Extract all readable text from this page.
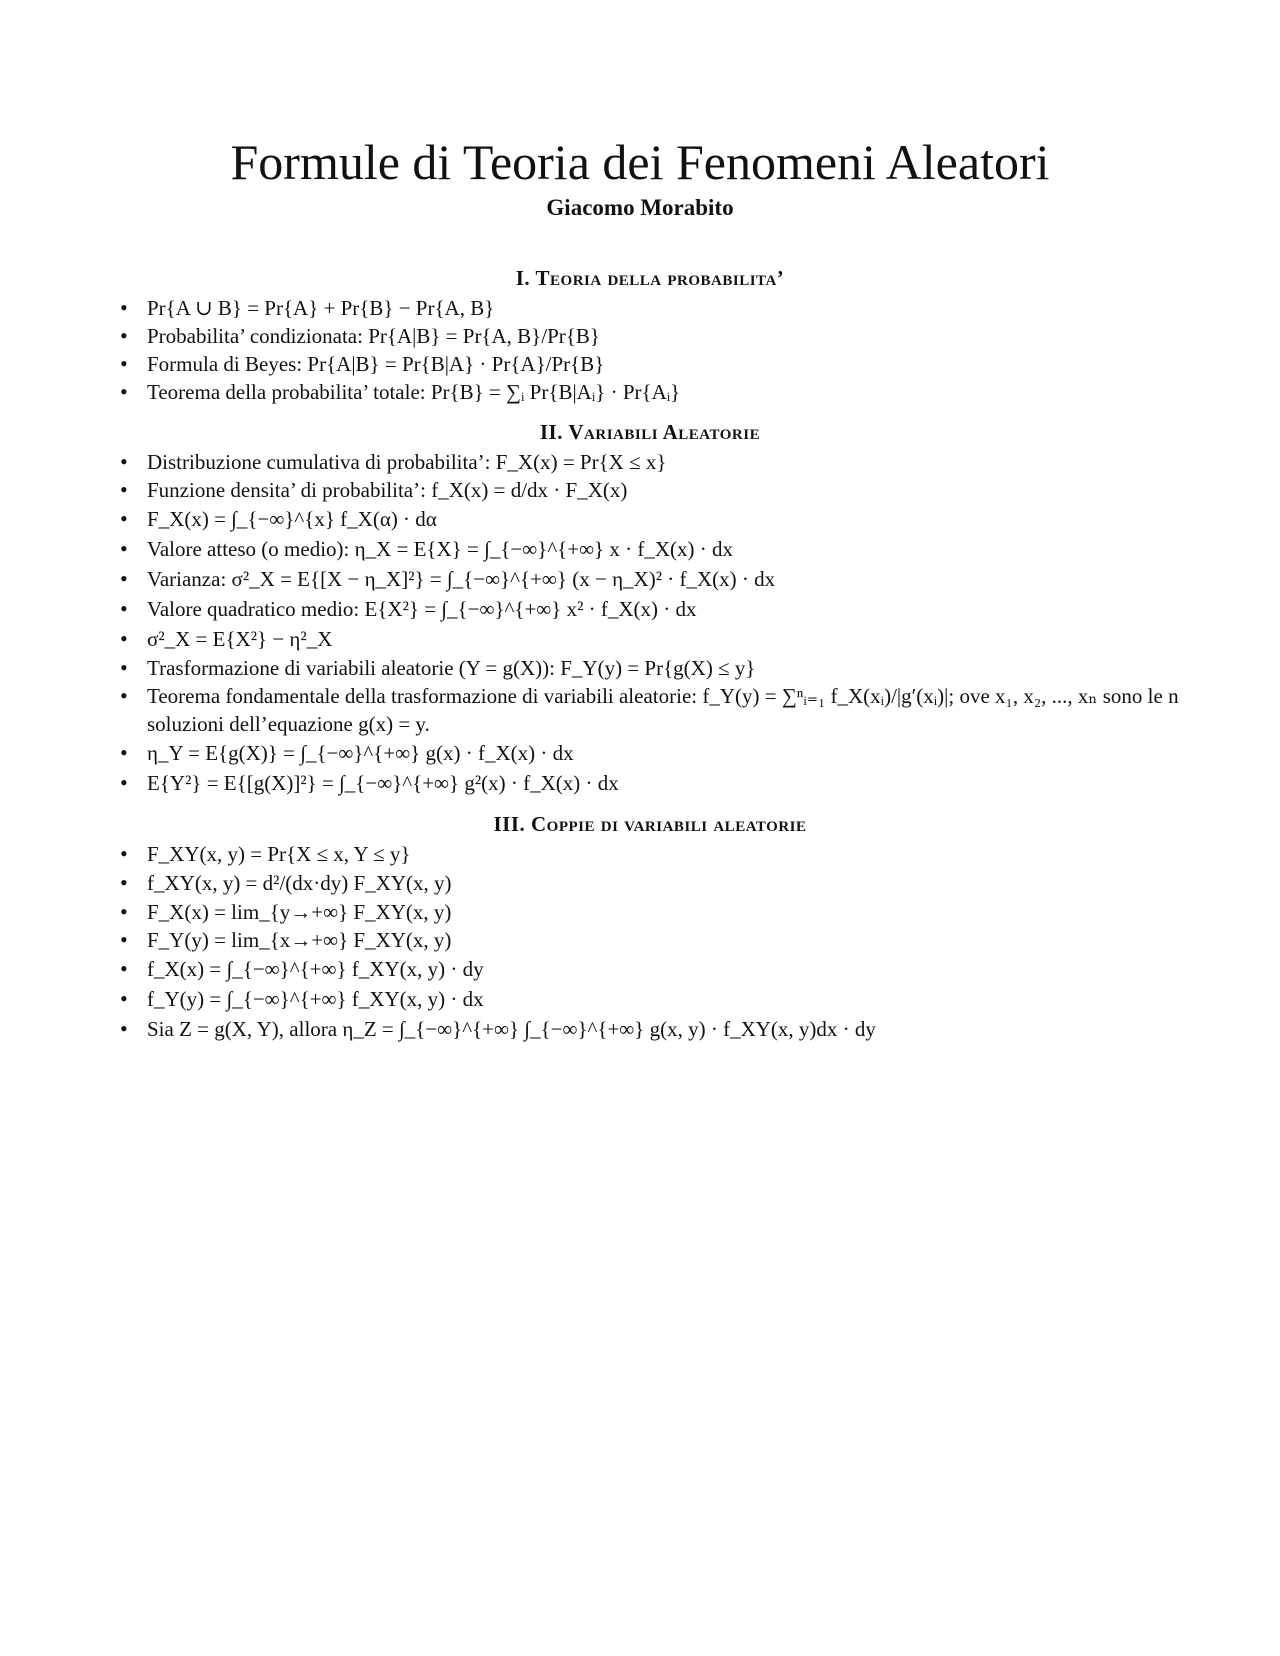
Formule di Teoria dei Fenomeni Aleatori
Giacomo Morabito
I. Teoria della probabilita’
• Pr{A ∪ B} = Pr{A} + Pr{B} − Pr{A, B}
• Probabilita’ condizionata: Pr{A|B} = Pr{A, B}/Pr{B}
• Formula di Beyes: Pr{A|B} = Pr{B|A} · Pr{A}/Pr{B}
• Teorema della probabilita’ totale: Pr{B} = ∑ᵢ Pr{B|Aᵢ} · Pr{Aᵢ}
II. Variabili Aleatorie
• Distribuzione cumulativa di probabilita’: F_X(x) = Pr{X ≤ x}
• Funzione densita’ di probabilita’: f_X(x) = d/dx · F_X(x)
• F_X(x) = ∫_{−∞}^{x} f_X(α) · dα
• Valore atteso (o medio): η_X = E{X} = ∫_{−∞}^{+∞} x · f_X(x) · dx
• Varianza: σ²_X = E{[X − η_X]²} = ∫_{−∞}^{+∞} (x − η_X)² · f_X(x) · dx
• Valore quadratico medio: E{X²} = ∫_{−∞}^{+∞} x² · f_X(x) · dx
• σ²_X = E{X²} − η²_X
• Trasformazione di variabili aleatorie (Y = g(X)): F_Y(y) = Pr{g(X) ≤ y}
• Teorema fondamentale della trasformazione di variabili aleatorie: f_Y(y) = ∑ⁿᵢ₌₁ f_X(xᵢ)/|g′(xᵢ)|; ove x₁, x₂, ..., xₙ sono le n soluzioni dell’equazione g(x) = y.
• η_Y = E{g(X)} = ∫_{−∞}^{+∞} g(x) · f_X(x) · dx
• E{Y²} = E{[g(X)]²} = ∫_{−∞}^{+∞} g²(x) · f_X(x) · dx
III. Coppie di variabili aleatorie
• F_XY(x, y) = Pr{X ≤ x, Y ≤ y}
• f_XY(x, y) = d²/(dx·dy) F_XY(x, y)
• F_X(x) = lim_{y→+∞} F_XY(x, y)
• F_Y(y) = lim_{x→+∞} F_XY(x, y)
• f_X(x) = ∫_{−∞}^{+∞} f_XY(x, y) · dy
• f_Y(y) = ∫_{−∞}^{+∞} f_XY(x, y) · dx
• Sia Z = g(X, Y), allora η_Z = ∫_{−∞}^{+∞} ∫_{−∞}^{+∞} g(x, y) · f_XY(x, y)dx · dy
